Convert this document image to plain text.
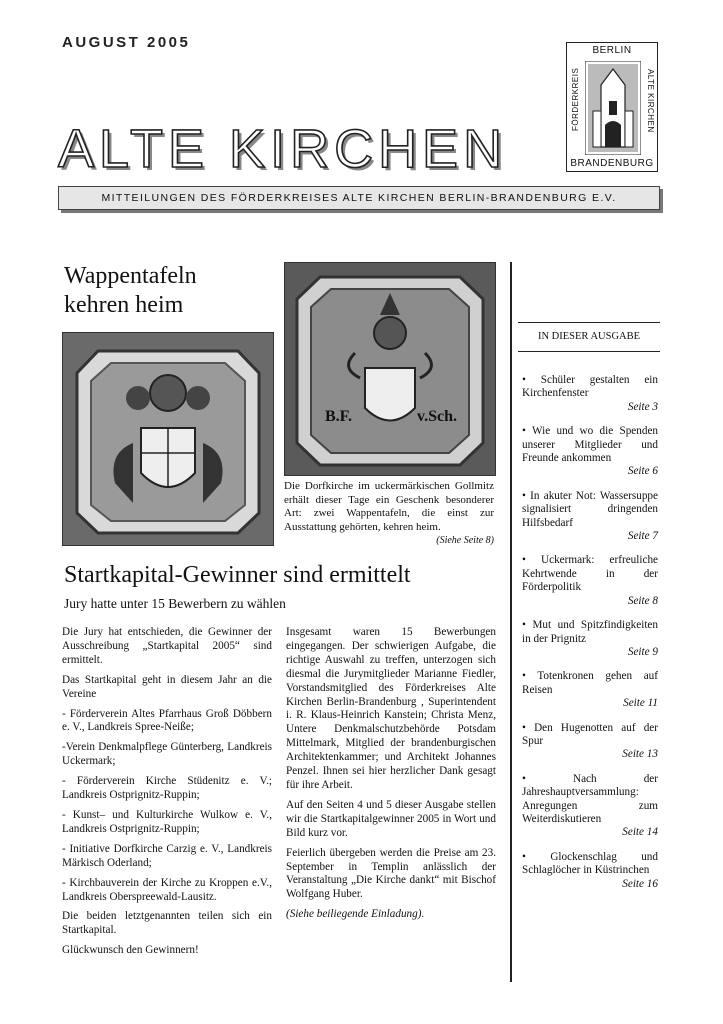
AUGUST 2005
ALTE KIRCHEN
MITTEILUNGEN DES FÖRDERKREISES ALTE KIRCHEN BERLIN-BRANDENBURG E.V.
BERLIN
BRANDENBURG
FÖRDERKREIS	ALTE KIRCHEN
Wappentafeln
kehren heim
B.F.	v.Sch.
Die Dorfkirche im uckermärkischen Gollmitz erhält dieser Tage ein Geschenk besonderer Art: zwei Wappentafeln, die einst zur Ausstattung gehörten, kehren heim.
(Siehe Seite 8)
Startkapital-Gewinner sind ermittelt
Jury hatte unter 15 Bewerbern zu wählen

Die Jury hat entschieden, die Gewinner der Ausschreibung „Startkapital 2005“ sind ermittelt.

Das Startkapital geht in diesem Jahr an die Vereine

- Förderverein Altes Pfarrhaus Groß Döbbern e. V., Landkreis Spree-Neiße;

-Verein Denkmalpflege Günterberg, Landkreis Uckermark;

- Förderverein Kirche Stüdenitz e. V.; Landkreis Ostprignitz-Ruppin;

- Kunst– und Kulturkirche Wulkow e. V., Landkreis Ostprignitz-Ruppin;

- Initiative Dorfkirche Carzig e. V., Landkreis Märkisch Oderland;

- Kirchbauverein der Kirche zu Kroppen e.V., Landkreis Oberspreewald-Lausitz.

Die beiden letztgenannten teilen sich ein Startkapital.

Glückwunsch den Gewinnern!

Insgesamt waren 15 Bewerbungen eingegangen. Der schwierigen Aufgabe, die richtige Auswahl zu treffen, unterzogen sich diesmal die Jurymitglieder Marianne Fiedler, Vorstandsmitglied des Förderkreises Alte Kirchen Berlin-Brandenburg , Superintendent i. R. Klaus-Heinrich Kanstein; Christa Menz, Untere Denkmalschutzbehörde Potsdam Mittelmark, Mitglied der brandenburgischen Architektenkammer; und Architekt Johannes Penzel. Ihnen sei hier herzlicher Dank gesagt für ihre Arbeit.

Auf den Seiten 4 und 5 dieser Ausgabe stellen wir die Startkapitalgewinner 2005 in Wort und Bild kurz vor.

Feierlich übergeben werden die Preise am 23. September in Templin anlässlich der Veranstaltung „Die Kirche dankt“ mit Bischof Wolfgang Huber.

(Siehe beiliegende Einladung).

IN DIESER AUSGABE
• Schüler gestalten ein Kirchenfenster
Seite 3
• Wie und wo die Spenden unserer Mitglieder und Freunde ankommen
Seite 6
• In akuter Not: Wassersuppe signalisiert dringenden Hilfsbedarf
Seite 7
• Uckermark: erfreuliche Kehrtwende in der Förderpolitik
Seite 8
• Mut und Spitzfindigkeiten in der Prignitz
Seite 9
• Totenkronen gehen auf Reisen
Seite 11
• Den Hugenotten auf der Spur
Seite 13
• Nach der Jahreshauptversammlung: Anregungen zum Weiterdiskutieren
Seite 14
• Glockenschlag und Schlaglöcher in Küstrinchen
Seite 16
